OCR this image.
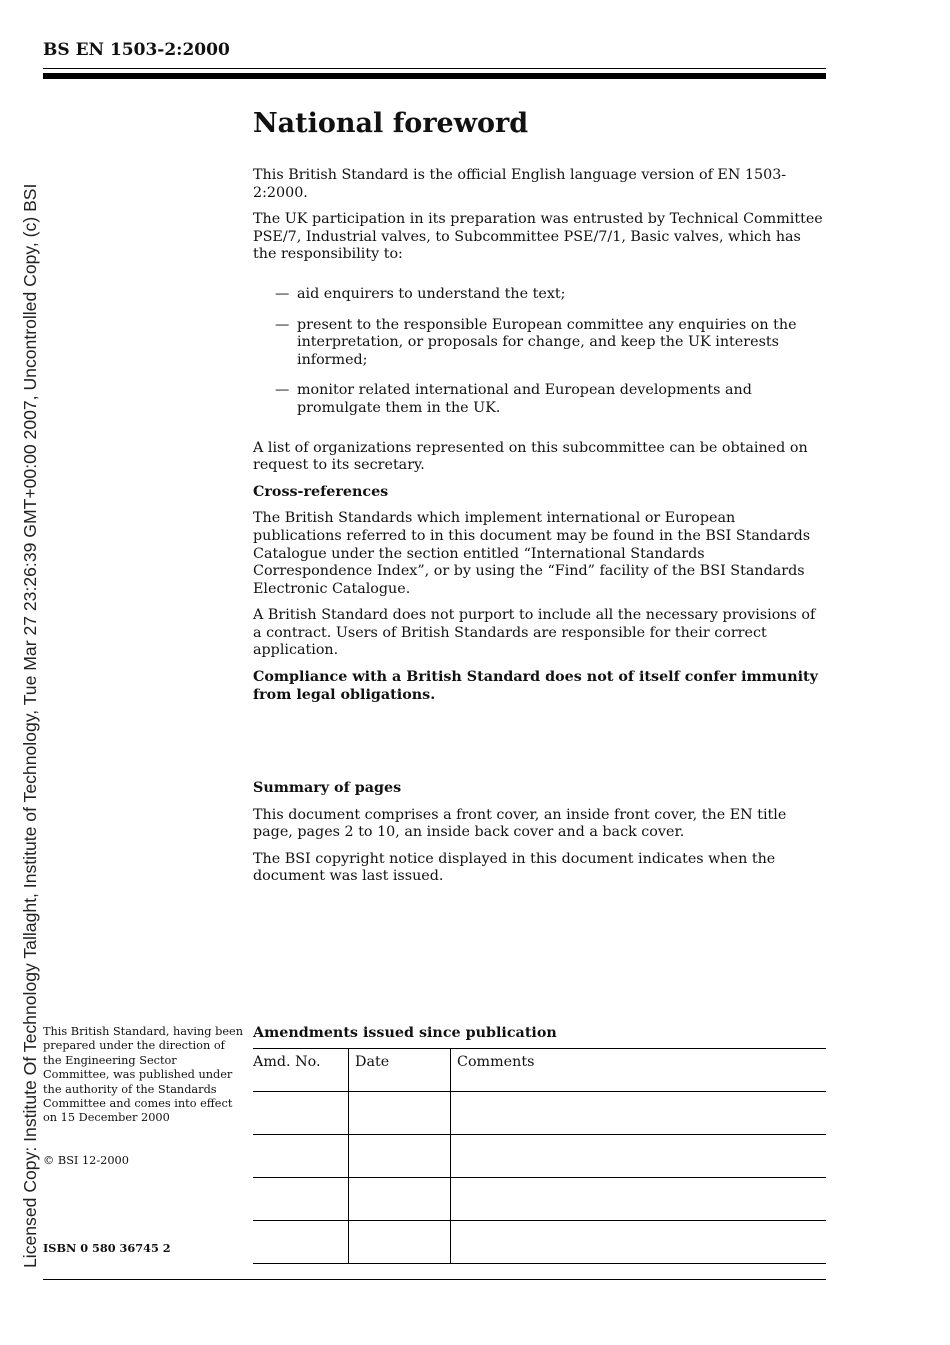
Licensed Copy: Institute Of Technology Tallaght, Institute of Technology, Tue Mar 27 23:26:39 GMT+00:00 2007, Uncontrolled Copy, (c) BSI
BS EN 1503-2:2000
National foreword

This British Standard is the official English language version of EN 1503-2:2000.

The UK participation in its preparation was entrusted by Technical Committee PSE/7, Industrial valves, to Subcommittee PSE/7/1, Basic valves, which has the responsibility to:

— aid enquirers to understand the text;
— present to the responsible European committee any enquiries on the interpretation, or proposals for change, and keep the UK interests informed;
— monitor related international and European developments and promulgate them in the UK.

A list of organizations represented on this subcommittee can be obtained on request to its secretary.

Cross-references

The British Standards which implement international or European publications referred to in this document may be found in the BSI Standards Catalogue under the section entitled “International Standards Correspondence Index”, or by using the “Find” facility of the BSI Standards Electronic Catalogue.

A British Standard does not purport to include all the necessary provisions of a contract. Users of British Standards are responsible for their correct application.

Compliance with a British Standard does not of itself confer immunity from legal obligations.

Summary of pages

This document comprises a front cover, an inside front cover, the EN title page, pages 2 to 10, an inside back cover and a back cover.

The BSI copyright notice displayed in this document indicates when the document was last issued.

This British Standard, having been prepared under the direction of the Engineering Sector Committee, was published under the authority of the Standards Committee and comes into effect on 15 December 2000
© BSI 12-2000
ISBN 0 580 36745 2
Amendments issued since publication
Amd. No.	Date	Comments
